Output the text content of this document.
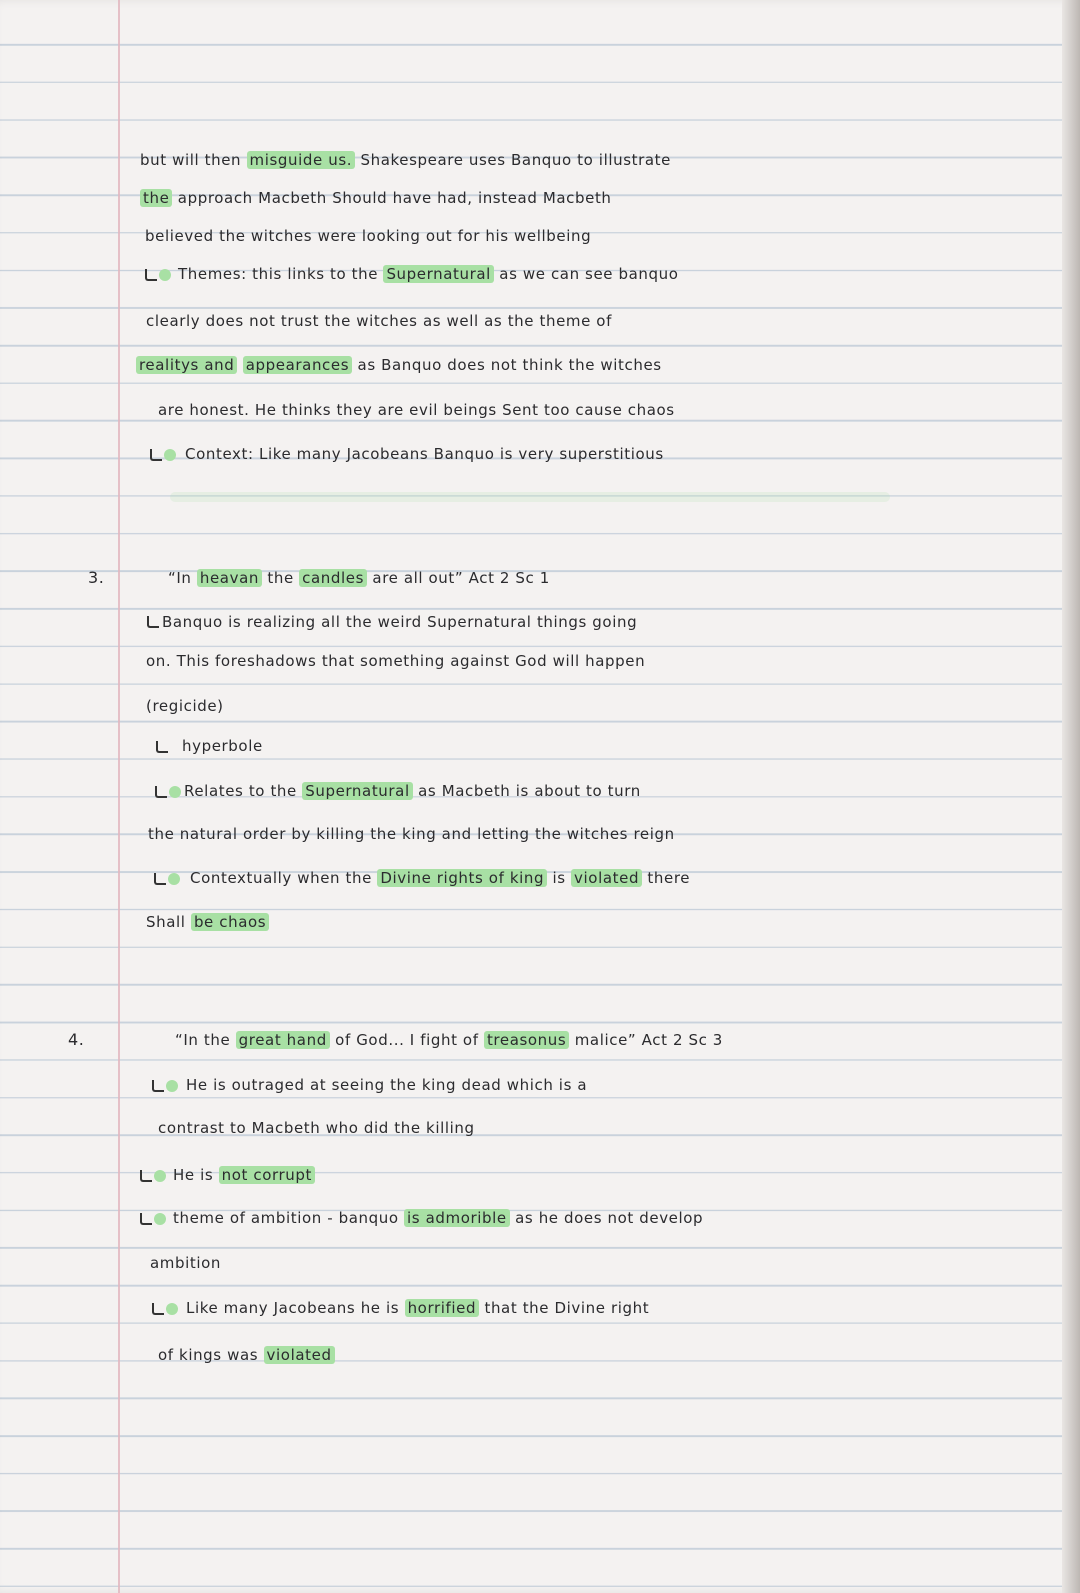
but will then misguide us. Shakespeare uses Banquo to illustrate
the approach Macbeth Should have had, instead Macbeth
believed the witches were looking out for his wellbeing
Themes: this links to the Supernatural as we can see banquo
clearly does not trust the witches as well as the theme of
realitys and appearances as Banquo does not think the witches
are honest. He thinks they are evil beings Sent too cause chaos
Context: Like many Jacobeans Banquo is very superstitious
3.	“In heavan the candles are all out” Act 2 Sc 1
Banquo is realizing all the weird Supernatural things going
on. This foreshadows that something against God will happen
(regicide)
hyperbole
Relates to the Supernatural as Macbeth is about to turn
the natural order by killing the king and letting the witches reign
Contextually when the Divine rights of king is violated there
Shall be chaos
4.	“In the great hand of God... I fight of treasonus malice” Act 2 Sc 3
He is outraged at seeing the king dead which is a
contrast to Macbeth who did the killing
He is not corrupt
theme of ambition - banquo is admorible as he does not develop
ambition
Like many Jacobeans he is horrified that the Divine right
of kings was violated
